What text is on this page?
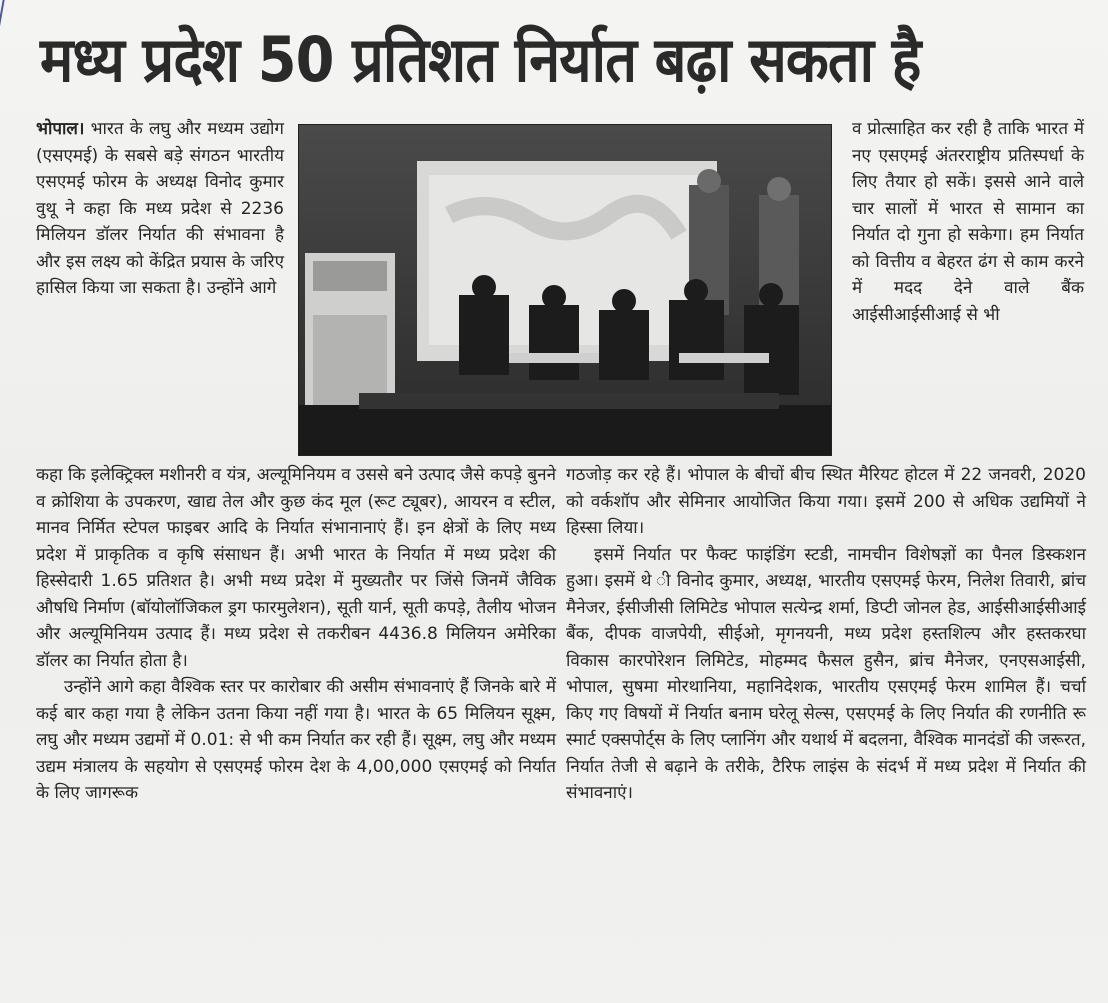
मध्य प्रदेश 50 प्रतिशत निर्यात बढ़ा सकता है

भोपाल। भारत के लघु और मध्यम उद्योग (एसएमई) के सबसे बड़े संगठन भारतीय एसएमई फोरम के अध्यक्ष विनोद कुमार वुथू ने कहा कि मध्य प्रदेश से 2236 मिलियन डॉलर निर्यात की संभावना है और इस लक्ष्य को केंद्रित प्रयास के जरिए हासिल किया जा सकता है। उन्होंने आगे

व प्रोत्साहित कर रही है ताकि भारत में नए एसएमई अंतरराष्ट्रीय प्रतिस्पर्धा के लिए तैयार हो सकें। इससे आने वाले चार सालों में भारत से सामान का निर्यात दो गुना हो सकेगा। हम निर्यात को वित्तीय व बेहरत ढंग से काम करने में मदद देने वाले बैंक आईसीआईसीआई से भी

कहा कि इलेक्ट्रिक्ल मशीनरी व यंत्र, अल्यूमिनियम व उससे बने उत्पाद जैसे कपड़े बुनने व क्रोशिया के उपकरण, खाद्य तेल और कुछ कंद मूल (रूट ट्यूबर), आयरन व स्टील, मानव निर्मित स्टेपल फाइबर आदि के निर्यात संभानानाएं हैं। इन क्षेत्रों के लिए मध्य प्रदेश में प्राकृतिक व कृषि संसाधन हैं। अभी भारत के निर्यात में मध्य प्रदेश की हिस्सेदारी 1.65 प्रतिशत है। अभी मध्य प्रदेश में मुख्यतौर पर जिंसे जिनमें जैविक औषधि निर्माण (बॉयोलॉजिकल ड्रग फारमुलेशन), सूती यार्न, सूती कपड़े, तैलीय भोजन और अल्यूमिनियम उत्पाद हैं। मध्य प्रदेश से तकरीबन 4436.8 मिलियन अमेरिका डॉलर का निर्यात होता है।

उन्होंने आगे कहा वैश्विक स्तर पर कारोबार की असीम संभावनाएं हैं जिनके बारे में कई बार कहा गया है लेकिन उतना किया नहीं गया है। भारत के 65 मिलियन सूक्ष्म, लघु और मध्यम उद्यमों में 0.01: से भी कम निर्यात कर रही हैं। सूक्ष्म, लघु और मध्यम उद्यम मंत्रालय के सहयोग से एसएमई फोरम देश के 4,00,000 एसएमई को निर्यात के लिए जागरूक

गठजोड़ कर रहे हैं। भोपाल के बीचों बीच स्थित मैरियट होटल में 22 जनवरी, 2020 को वर्कशॉप और सेमिनार आयोजित किया गया। इसमें 200 से अधिक उद्यमियों ने हिस्सा लिया।

इसमें निर्यात पर फैक्ट फाइंडिंग स्टडी, नामचीन विशेषज्ञों का पैनल डिस्कशन हुआ। इसमें थे ी विनोद कुमार, अध्यक्ष, भारतीय एसएमई फेरम, निलेश तिवारी, ब्रांच मैनेजर, ईसीजीसी लिमिटेड भोपाल सत्येन्द्र शर्मा, डिप्टी जोनल हेड, आईसीआईसीआई बैंक, दीपक वाजपेयी, सीईओ, मृगनयनी, मध्य प्रदेश हस्तशिल्प और हस्तकरघा विकास कारपोरेशन लिमिटेड, मोहम्मद फैसल हुसैन, ब्रांच मैनेजर, एनएसआईसी, भोपाल, सुषमा मोरथानिया, महानिदेशक, भारतीय एसएमई फेरम शामिल हैं। चर्चा किए गए विषयों में निर्यात बनाम घरेलू सेल्स, एसएमई के लिए निर्यात की रणनीति रू स्मार्ट एक्सपोर्ट्स के लिए प्लानिंग और यथार्थ में बदलना, वैश्विक मानदंडों की जरूरत, निर्यात तेजी से बढ़ाने के तरीके, टैरिफ लाइंस के संदर्भ में मध्य प्रदेश में निर्यात की संभावनाएं।
